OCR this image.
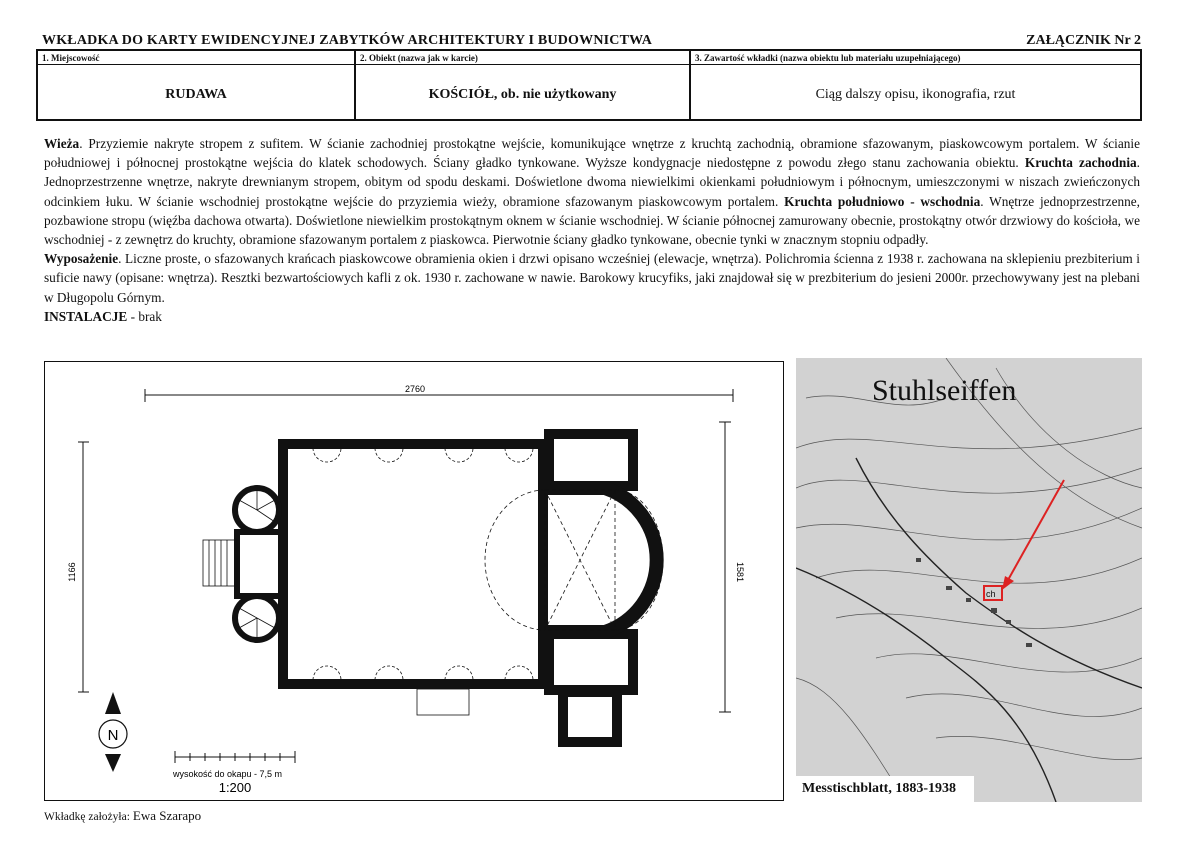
WKŁADKA DO KARTY EWIDENCYJNEJ ZABYTKÓW ARCHITEKTURY I BUDOWNICTWA	ZAŁĄCZNIK Nr 2
1. Miejscowość
RUDAWA
2. Obiekt (nazwa jak w karcie)
KOŚCIÓŁ, ob. nie użytkowany
3. Zawartość wkładki (nazwa obiektu lub materiału uzupełniającego)
Ciąg dalszy opisu, ikonografia, rzut

Wieża. Przyziemie nakryte stropem z sufitem. W ścianie zachodniej prostokątne wejście, komunikujące wnętrze z kruchtą zachodnią, obramione sfazowanym, piaskowcowym portalem. W ścianie południowej i północnej prostokątne wejścia do klatek schodowych. Ściany gładko tynkowane. Wyższe kondygnacje niedostępne z powodu złego stanu zachowania obiektu. Kruchta zachodnia. Jednoprzestrzenne wnętrze, nakryte drewnianym stropem, obitym od spodu deskami. Doświetlone dwoma niewielkimi okienkami południowym i północnym, umieszczonymi w niszach zwieńczonych odcinkiem łuku. W ścianie wschodniej prostokątne wejście do przyziemia wieży, obramione sfazowanym piaskowcowym portalem. Kruchta południowo - wschodnia. Wnętrze jednoprzestrzenne, pozbawione stropu (więźba dachowa otwarta). Doświetlone niewielkim prostokątnym oknem w ścianie wschodniej. W ścianie północnej zamurowany obecnie, prostokątny otwór drzwiowy do kościoła, we wschodniej - z zewnętrz do kruchty, obramione sfazowanym portalem z piaskowca. Pierwotnie ściany gładko tynkowane, obecnie tynki w znacznym stopniu odpadły.

Wyposażenie. Liczne proste, o sfazowanych krańcach piaskowcowe obramienia okien i drzwi opisano wcześniej (elewacje, wnętrza). Polichromia ścienna z 1938 r. zachowana na sklepieniu prezbiterium i suficie nawy (opisane: wnętrza). Resztki bezwartościowych kafli z ok. 1930 r. zachowane w nawie. Barokowy krucyfiks, jaki znajdował się w prezbiterium do jesieni 2000r. przechowywany jest na plebani w Długopolu Górnym.

INSTALACJE - brak

N
2760
1166	1581
wysokość do okapu - 7,5 m
1:200
Stuhlseiffen
ch
Messtischblatt, 1883-1938
Wkładkę założyła: Ewa Szarapo
